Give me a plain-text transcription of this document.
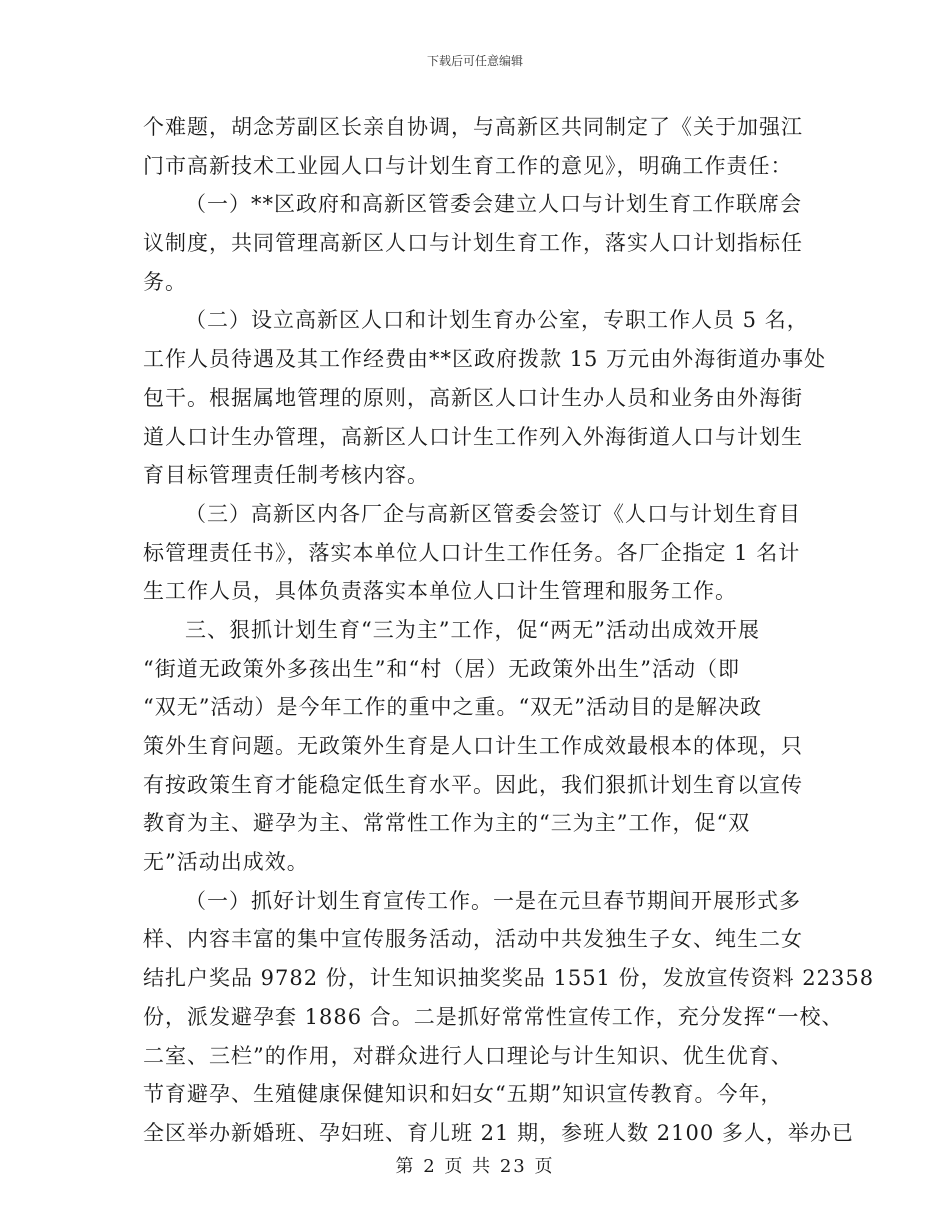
下载后可任意编辑
个难题，胡念芳副区长亲自协调，与高新区共同制定了《关于加强江
门市高新技术工业园人口与计划生育工作的意见》，明确工作责任：
（一）**区政府和高新区管委会建立人口与计划生育工作联席会
议制度，共同管理高新区人口与计划生育工作，落实人口计划指标任
务。
（二）设立高新区人口和计划生育办公室，专职工作人员 5 名，
工作人员待遇及其工作经费由**区政府拨款 15 万元由外海街道办事处
包干。根据属地管理的原则，高新区人口计生办人员和业务由外海街
道人口计生办管理，高新区人口计生工作列入外海街道人口与计划生
育目标管理责任制考核内容。
（三）高新区内各厂企与高新区管委会签订《人口与计划生育目
标管理责任书》，落实本单位人口计生工作任务。各厂企指定 1 名计
生工作人员，具体负责落实本单位人口计生管理和服务工作。
三、狠抓计划生育“三为主”工作，促“两无”活动出成效开展
“街道无政策外多孩出生”和“村（居）无政策外出生”活动（即
“双无”活动）是今年工作的重中之重。“双无”活动目的是解决政
策外生育问题。无政策外生育是人口计生工作成效最根本的体现，只
有按政策生育才能稳定低生育水平。因此，我们狠抓计划生育以宣传
教育为主、避孕为主、常常性工作为主的“三为主”工作，促“双
无”活动出成效。
（一）抓好计划生育宣传工作。一是在元旦春节期间开展形式多
样、内容丰富的集中宣传服务活动，活动中共发独生子女、纯生二女
结扎户奖品 9782 份，计生知识抽奖奖品 1551 份，发放宣传资料 22358
份，派发避孕套 1886 合。二是抓好常常性宣传工作，充分发挥“一校、
二室、三栏”的作用，对群众进行人口理论与计生知识、优生优育、
节育避孕、生殖健康保健知识和妇女“五期”知识宣传教育。今年，
全区举办新婚班、孕妇班、育儿班 21 期，参班人数 2100 多人，举办已
第 2 页 共 23 页
